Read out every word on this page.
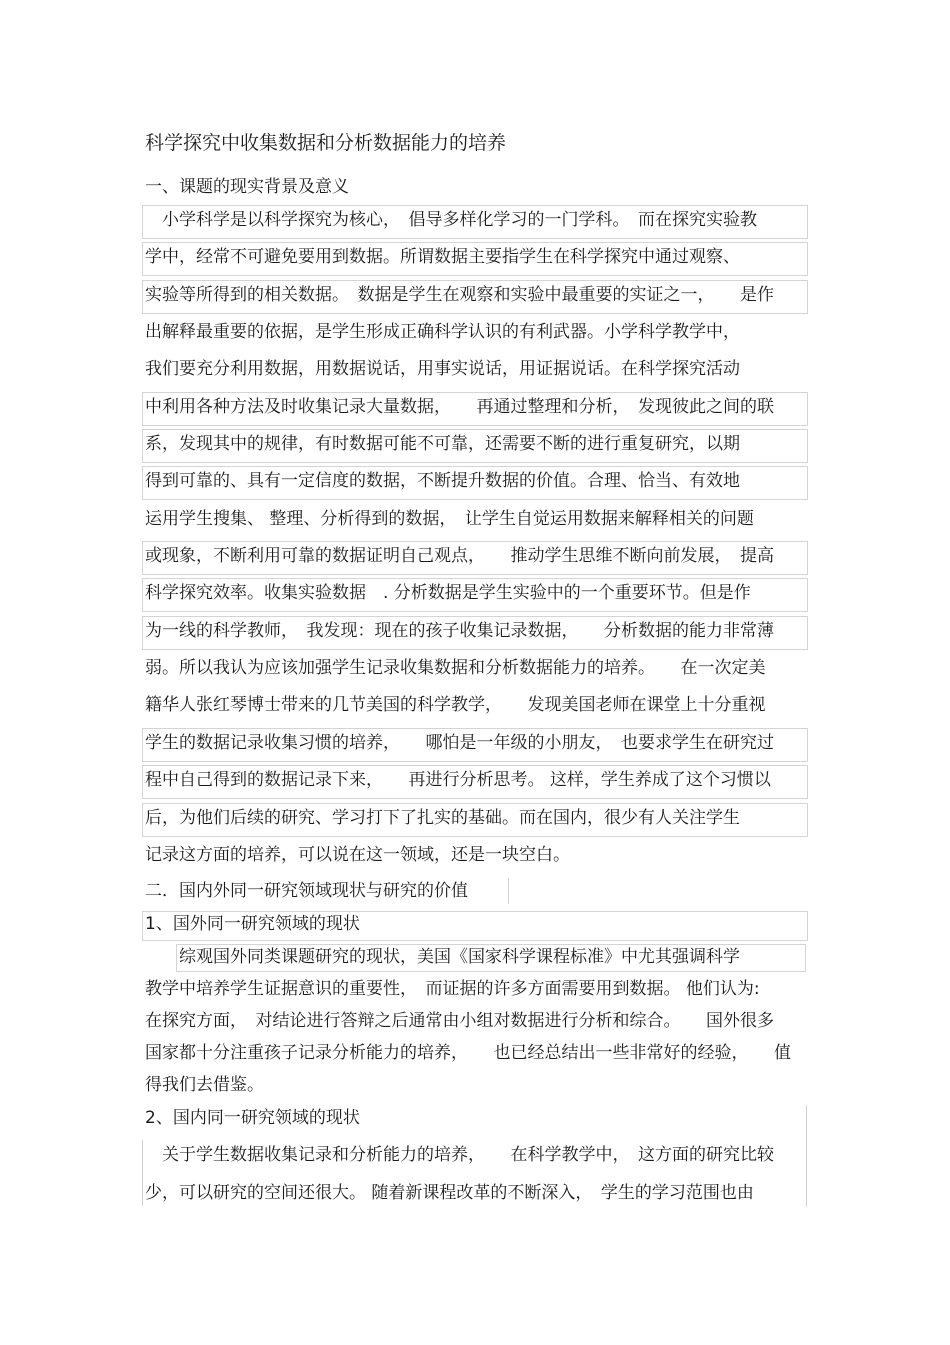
科学探究中收集数据和分析数据能力的培养
一、课题的现实背景及意义
　小学科学是以科学探究为核心，　倡导多样化学习的一门学科。　而在探究实验教
学中，经常不可避免要用到数据。所谓数据主要指学生在科学探究中通过观察、
实验等所得到的相关数据。　数据是学生在观察和实验中最重要的实证之一，　　是作
出解释最重要的依据，是学生形成正确科学认识的有利武器。小学科学教学中，
我们要充分利用数据，用数据说话，用事实说话，用证据说话。在科学探究活动
中利用各种方法及时收集记录大量数据，　　再通过整理和分析，　发现彼此之间的联
系，发现其中的规律，有时数据可能不可靠，还需要不断的进行重复研究，以期
得到可靠的、具有一定信度的数据，不断提升数据的价值。合理、恰当、有效地
运用学生搜集、 整理、分析得到的数据，　让学生自觉运用数据来解释相关的问题
或现象，不断利用可靠的数据证明自己观点，　　推动学生思维不断向前发展，　提高
科学探究效率。收集实验数据　. 分析数据是学生实验中的一个重要环节。但是作
为一线的科学教师，　我发现：现在的孩子收集记录数据，　　分析数据的能力非常薄
弱。所以我认为应该加强学生记录收集数据和分析数据能力的培养。　　在一次定美
籍华人张红琴博士带来的几节美国的科学教学，　　发现美国老师在课堂上十分重视
学生的数据记录收集习惯的培养，　　哪怕是一年级的小朋友，　也要求学生在研究过
程中自己得到的数据记录下来，　　再进行分析思考。 这样，学生养成了这个习惯以
后，为他们后续的研究、学习打下了扎实的基础。而在国内，很少有人关注学生
记录这方面的培养，可以说在这一领域，还是一块空白。
二．国内外同一研究领域现状与研究的价值
1、国外同一研究领域的现状
　　综观国外同类课题研究的现状，美国《国家科学课程标准》中尤其强调科学
教学中培养学生证据意识的重要性，　而证据的许多方面需要用到数据。 他们认为:
在探究方面，　对结论进行答辩之后通常由小组对数据进行分析和综合。　　国外很多
国家都十分注重孩子记录分析能力的培养，　　也已经总结出一些非常好的经验，　　值
得我们去借鉴。
2、国内同一研究领域的现状
　关于学生数据收集记录和分析能力的培养，　　在科学教学中，　这方面的研究比较
少，可以研究的空间还很大。 随着新课程改革的不断深入，　学生的学习范围也由
